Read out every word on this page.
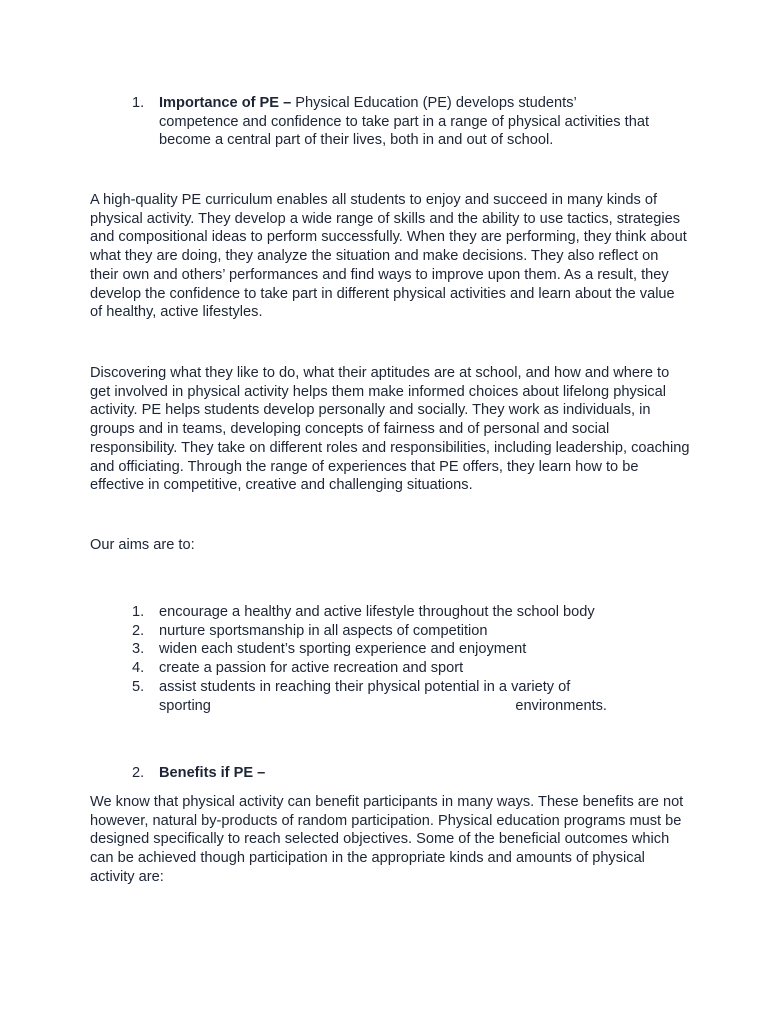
1. Importance of PE – Physical Education (PE) develops students’ competence and confidence to take part in a range of physical activities that become a central part of their lives, both in and out of school.

A high-quality PE curriculum enables all students to enjoy and succeed in many kinds of physical activity. They develop a wide range of skills and the ability to use tactics, strategies and compositional ideas to perform successfully. When they are performing, they think about what they are doing, they analyze the situation and make decisions. They also reflect on their own and others’ performances and find ways to improve upon them. As a result, they develop the confidence to take part in different physical activities and learn about the value of healthy, active lifestyles.

Discovering what they like to do, what their aptitudes are at school, and how and where to get involved in physical activity helps them make informed choices about lifelong physical activity. PE helps students develop personally and socially. They work as individuals, in groups and in teams, developing concepts of fairness and of personal and social responsibility. They take on different roles and responsibilities, including leadership, coaching and officiating. Through the range of experiences that PE offers, they learn how to be effective in competitive, creative and challenging situations.

Our aims are to:

1. encourage a healthy and active lifestyle throughout the school body
2. nurture sportsmanship in all aspects of competition
3. widen each student’s sporting experience and enjoyment
4. create a passion for active recreation and sport
5. assist students in reaching their physical potential in a variety of
sporting	environments.
2. Benefits if PE –

We know that physical activity can benefit participants in many ways. These benefits are not however, natural by-products of random participation. Physical education programs must be designed specifically to reach selected objectives. Some of the beneficial outcomes which can be achieved though participation in the appropriate kinds and amounts of physical activity are:
